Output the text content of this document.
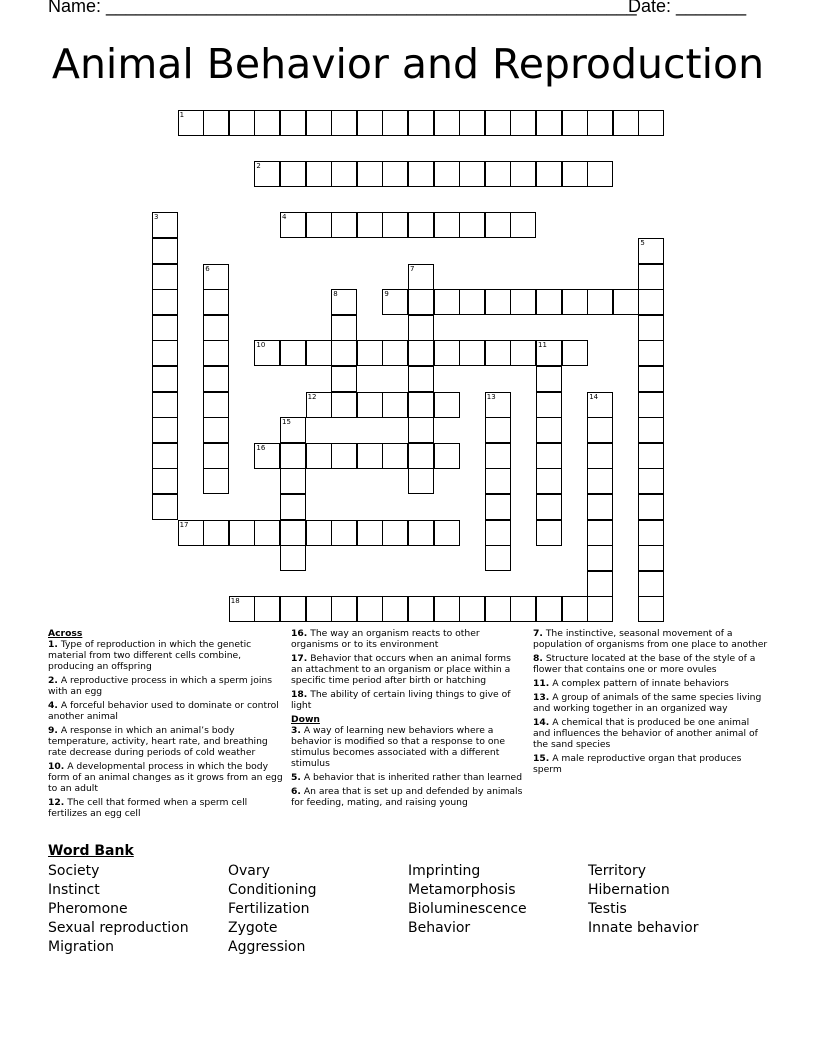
Name: _____________________________________________________
Date: _______
Animal Behavior and Reproduction
1
2
3	4
5
6	7
8	9
10	11
12	13	14
15
16
17
18

Across

1. Type of reproduction in which the genetic material from two different cells combine, producing an offspring

2. A reproductive process in which a sperm joins with an egg

4. A forceful behavior used to dominate or control another animal

9. A response in which an animal’s body temperature, activity, heart rate, and breathing rate decrease during periods of cold weather

10. A developmental process in which the body form of an animal changes as it grows from an egg to an adult

12. The cell that formed when a sperm cell fertilizes an egg cell

16. The way an organism reacts to other organisms or to its environment

17. Behavior that occurs when an animal forms an attachment to an organism or place within a specific time period after birth or hatching

18. The ability of certain living things to give of light

Down

3. A way of learning new behaviors where a behavior is modified so that a response to one stimulus becomes associated with a different stimulus

5. A behavior that is inherited rather than learned

6. An area that is set up and defended by animals for feeding, mating, and raising young

7. The instinctive, seasonal movement of a population of organisms from one place to another

8. Structure located at the base of the style of a flower that contains one or more ovules

11. A complex pattern of innate behaviors

13. A group of animals of the same species living and working together in an organized way

14. A chemical that is produced be one animal and influences the behavior of another animal of the sand species

15. A male reproductive organ that produces sperm

Word Bank
Society
Instinct
Pheromone
Sexual reproduction
Migration
Ovary
Conditioning
Fertilization
Zygote
Aggression
Imprinting
Metamorphosis
Bioluminescence
Behavior
Territory
Hibernation
Testis
Innate behavior
